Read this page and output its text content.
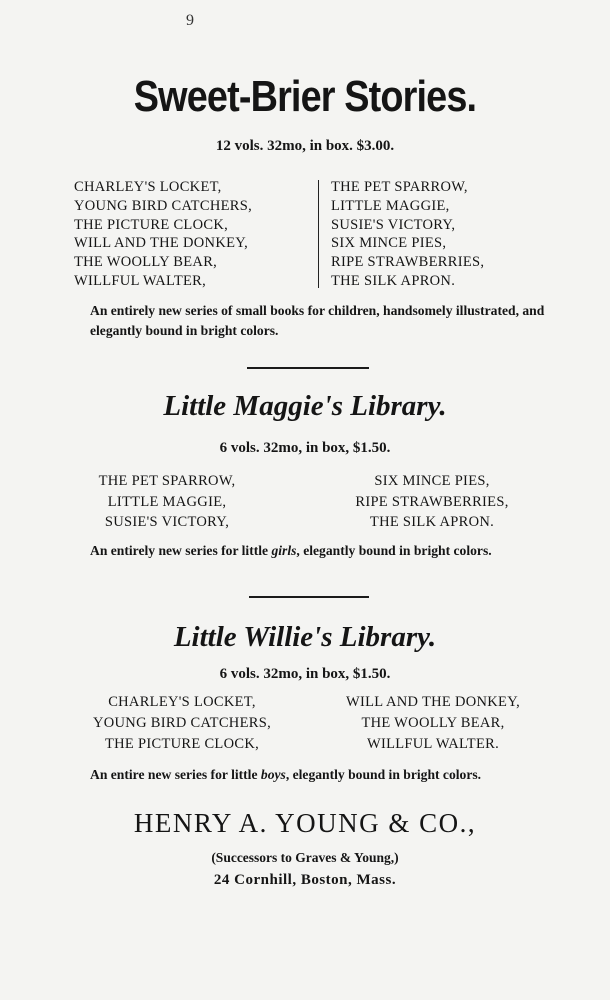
9
Sweet-Brier Stories.
12 vols. 32mo, in box. $3.00.
CHARLEY'S LOCKET,
YOUNG BIRD CATCHERS,
THE PICTURE CLOCK,
WILL AND THE DONKEY,
THE WOOLLY BEAR,
WILLFUL WALTER,
THE PET SPARROW,
LITTLE MAGGIE,
SUSIE'S VICTORY,
SIX MINCE PIES,
RIPE STRAWBERRIES,
THE SILK APRON.
An entirely new series of small books for children, handsomely illustrated, and elegantly bound in bright colors.
Little Maggie's Library.
6 vols. 32mo, in box, $1.50.
THE PET SPARROW,
LITTLE MAGGIE,
SUSIE'S VICTORY,
SIX MINCE PIES,
RIPE STRAWBERRIES,
THE SILK APRON.
An entirely new series for little girls, elegantly bound in bright colors.
Little Willie's Library.
6 vols. 32mo, in box, $1.50.
CHARLEY'S LOCKET,
YOUNG BIRD CATCHERS,
THE PICTURE CLOCK,
WILL AND THE DONKEY,
THE WOOLLY BEAR,
WILLFUL WALTER.
An entire new series for little boys, elegantly bound in bright colors.
HENRY A. YOUNG & CO.,
(Successors to Graves & Young,)
24 Cornhill, Boston, Mass.
